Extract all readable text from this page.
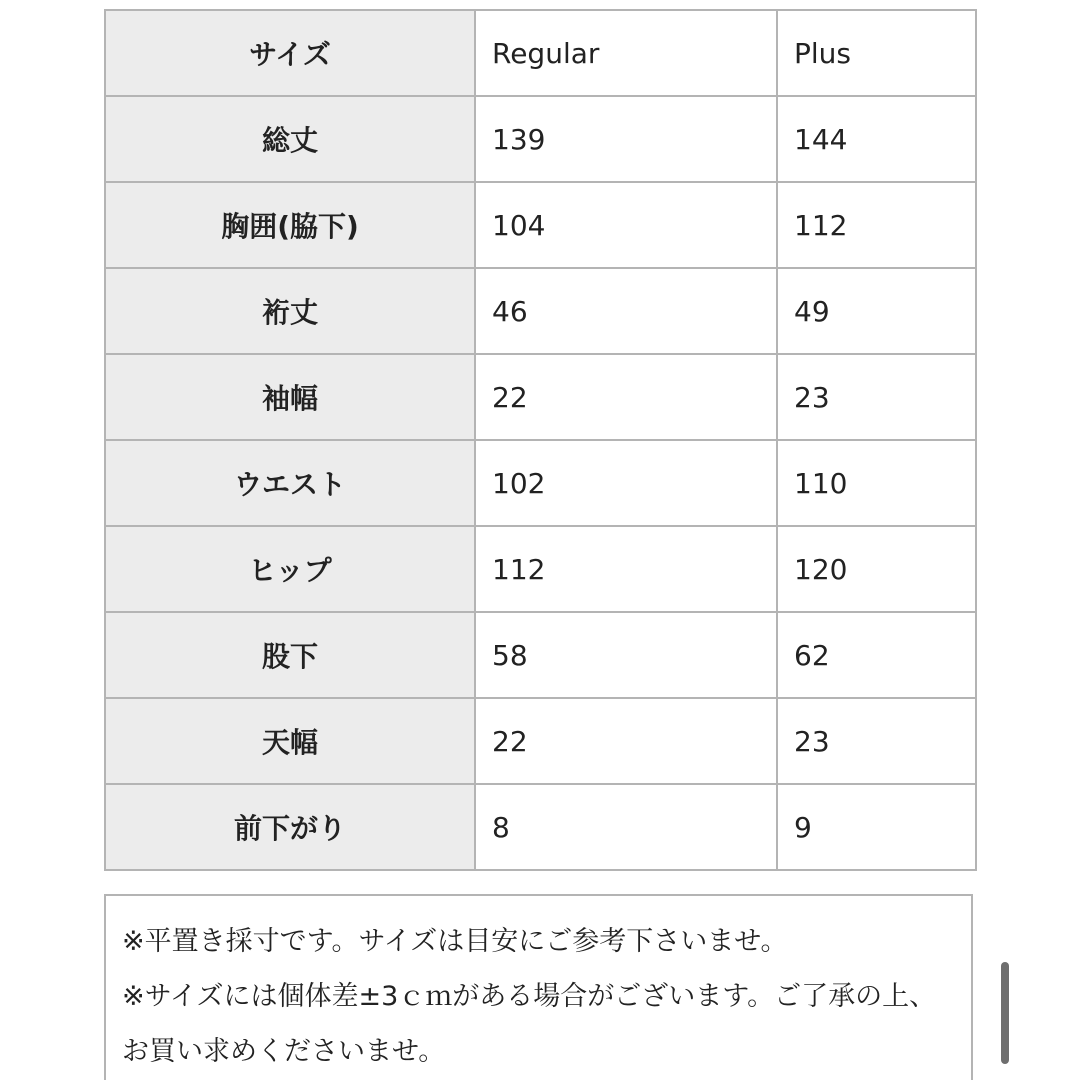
サイズ	Regular	Plus
総丈	139	144
胸囲(脇下)	104	112
裄丈	46	49
袖幅	22	23
ウエスト	102	110
ヒップ	112	120
股下	58	62
天幅	22	23
前下がり	8	9

※平置き採寸です。サイズは目安にご参考下さいませ。

※サイズには個体差±3ｃｍがある場合がございます。ご了承の上、お買い求めくださいませ。
